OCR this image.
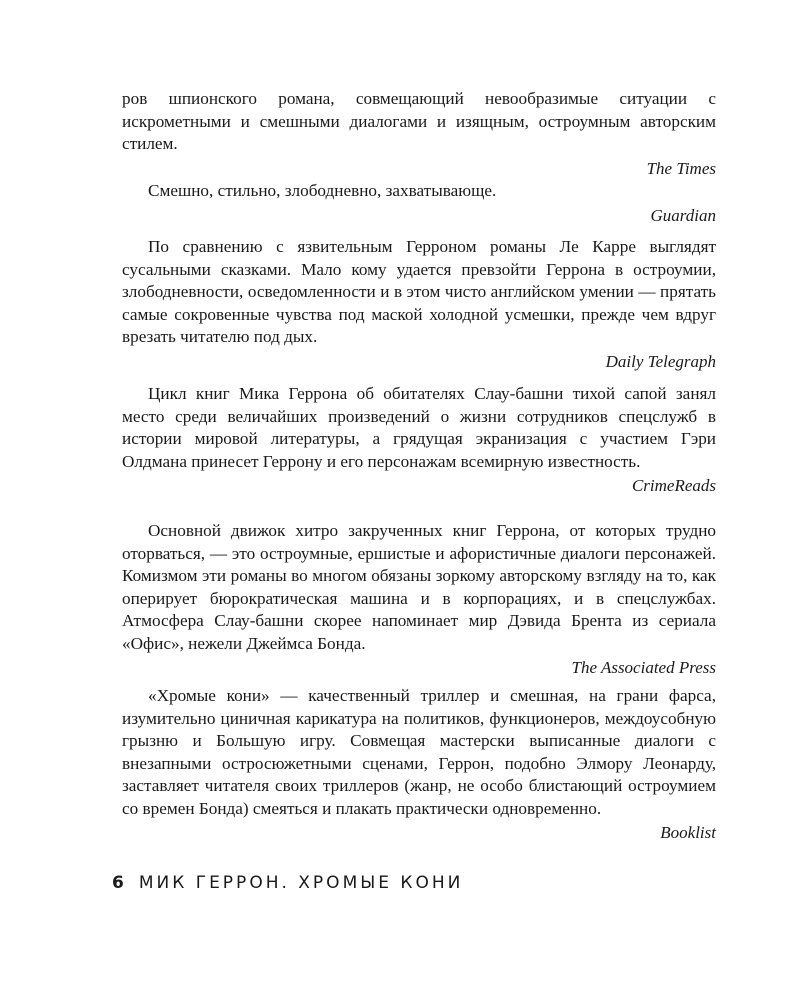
ров шпионского романа, совмещающий невообразимые ситуации с искрометными и смешными диалогами и изящным, остроумным авторским стилем.

The Times

Смешно, стильно, злободневно, захватывающе.

Guardian

По сравнению с язвительным Герроном романы Ле Карре выглядят сусальными сказками. Мало кому удается превзойти Геррона в остроумии, злободневности, осведомленности и в этом чисто английском умении — прятать самые сокровенные чувства под маской холодной усмешки, прежде чем вдруг врезать читателю под дых.

Daily Telegraph

Цикл книг Мика Геррона об обитателях Слау-башни тихой сапой занял место среди величайших произведений о жизни сотрудников спецслужб в истории мировой литературы, а грядущая экранизация с участием Гэри Олдмана принесет Геррону и его персонажам всемирную известность.

CrimeReads

Основной движок хитро закрученных книг Геррона, от которых трудно оторваться, — это остроумные, ершистые и афористичные диалоги персонажей. Комизмом эти романы во многом обязаны зоркому авторскому взгляду на то, как оперирует бюрократическая машина и в корпорациях, и в спецслужбах. Атмосфера Слау-башни скорее напоминает мир Дэвида Брента из сериала «Офис», нежели Джеймса Бонда.

The Associated Press

«Хромые кони» — качественный триллер и смешная, на грани фарса, изумительно циничная карикатура на политиков, функционеров, междоусобную грызню и Большую игру. Совмещая мастерски выписанные диалоги с внезапными остросюжетными сценами, Геррон, подобно Элмору Леонарду, заставляет читателя своих триллеров (жанр, не особо блистающий остроумием со времен Бонда) смеяться и плакать практически одновременно.

Booklist
6 МИК ГЕРРОН. ХРОМЫЕ КОНИ
